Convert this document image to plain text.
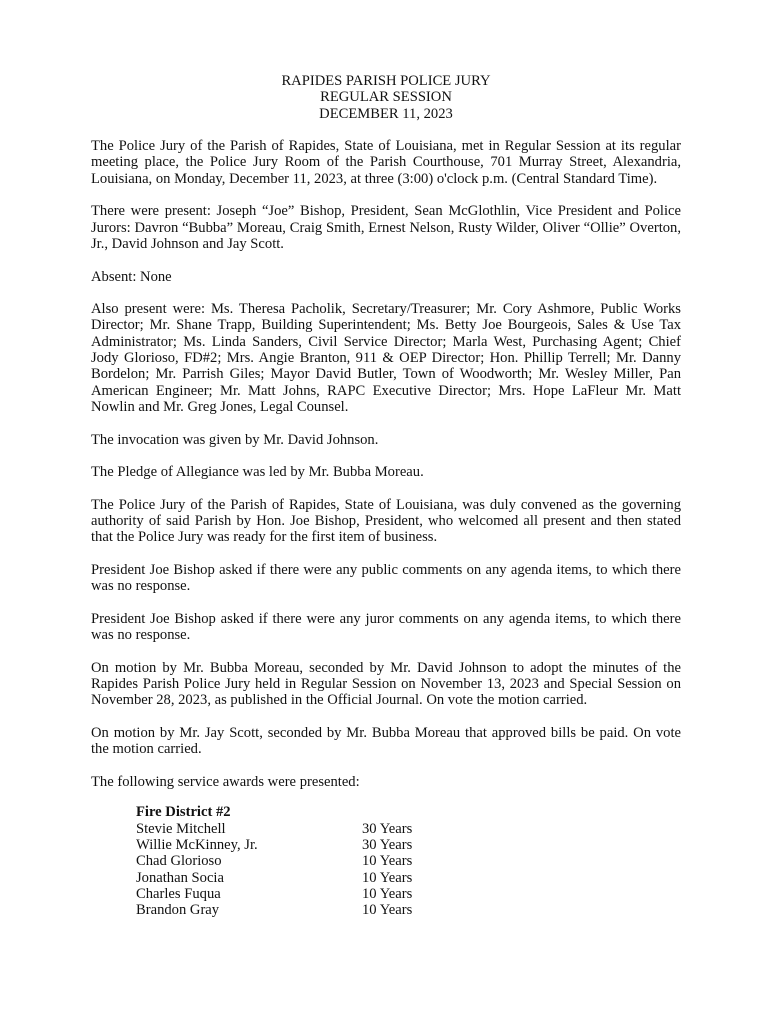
RAPIDES PARISH POLICE JURY
REGULAR SESSION
DECEMBER 11, 2023

The Police Jury of the Parish of Rapides, State of Louisiana, met in Regular Session at its regular meeting place, the Police Jury Room of the Parish Courthouse, 701 Murray Street, Alexandria, Louisiana, on Monday, December 11, 2023, at three (3:00) o'clock p.m. (Central Standard Time).

There were present: Joseph “Joe” Bishop, President, Sean McGlothlin, Vice President and Police Jurors: Davron “Bubba” Moreau, Craig Smith, Ernest Nelson, Rusty Wilder, Oliver “Ollie” Overton, Jr., David Johnson and Jay Scott.

Absent: None

Also present were: Ms. Theresa Pacholik, Secretary/Treasurer; Mr. Cory Ashmore, Public Works Director; Mr. Shane Trapp, Building Superintendent; Ms. Betty Joe Bourgeois, Sales & Use Tax Administrator; Ms. Linda Sanders, Civil Service Director; Marla West, Purchasing Agent; Chief Jody Glorioso, FD#2; Mrs. Angie Branton, 911 & OEP Director; Hon. Phillip Terrell; Mr. Danny Bordelon; Mr. Parrish Giles; Mayor David Butler, Town of Woodworth; Mr. Wesley Miller, Pan American Engineer; Mr. Matt Johns, RAPC Executive Director; Mrs. Hope LaFleur Mr. Matt Nowlin and Mr. Greg Jones, Legal Counsel.

The invocation was given by Mr. David Johnson.

The Pledge of Allegiance was led by Mr. Bubba Moreau.

The Police Jury of the Parish of Rapides, State of Louisiana, was duly convened as the governing authority of said Parish by Hon. Joe Bishop, President, who welcomed all present and then stated that the Police Jury was ready for the first item of business.

President Joe Bishop asked if there were any public comments on any agenda items, to which there was no response.

President Joe Bishop asked if there were any juror comments on any agenda items, to which there was no response.

On motion by Mr. Bubba Moreau, seconded by Mr. David Johnson to adopt the minutes of the Rapides Parish Police Jury held in Regular Session on November 13, 2023 and Special Session on November 28, 2023, as published in the Official Journal. On vote the motion carried.

On motion by Mr. Jay Scott, seconded by Mr. Bubba Moreau that approved bills be paid. On vote the motion carried.

The following service awards were presented:

Fire District #2
Stevie Mitchell	30 Years
Willie McKinney, Jr.	30 Years
Chad Glorioso	10 Years
Jonathan Socia	10 Years
Charles Fuqua	10 Years
Brandon Gray	10 Years
